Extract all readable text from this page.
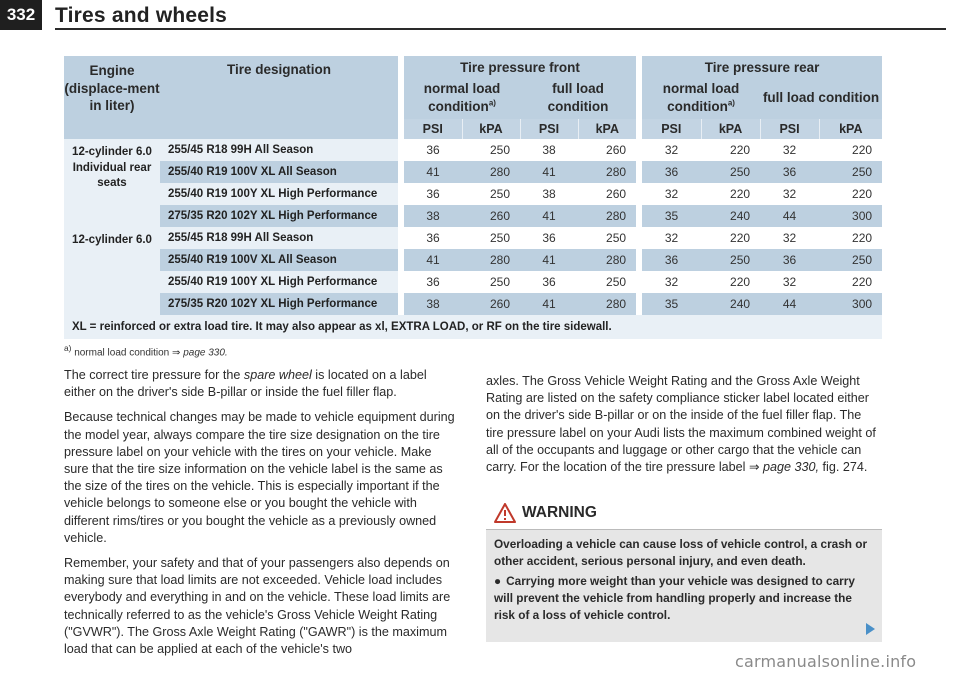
332 Tires and wheels
Engine (displace-ment in liter)	Tire designation		Tire pressure front					Tire pressure rear			
			normal load condition$^{a)}$		full load condition			normal load condition$^{a)}$		full load condition	
			PSI	kPA	PSI	kPA		PSI	kPA	PSI	kPA
12-cylinder 6.0 Individual rear seats	255/45 R18 99H All Season		36	250	38	260		32	220	32	220
	255/40 R19 100V XL All Season		41	280	41	280		36	250	36	250
	255/40 R19 100Y XL High Performance		36	250	38	260		32	220	32	220
	275/35 R20 102Y XL High Performance		38	260	41	280		35	240	44	300
12-cylinder 6.0	255/45 R18 99H All Season		36	250	36	250		32	220	32	220
	255/40 R19 100V XL All Season		41	280	41	280		36	250	36	250
	255/40 R19 100Y XL High Performance		36	250	36	250		32	220	32	220
	275/35 R20 102Y XL High Performance		38	260	41	280		35	240	44	300
XL = reinforced or extra load tire. It may also appear as xl, EXTRA LOAD, or RF on the tire sidewall.											
$^{a)}$ normal load condition ⇒ page 330.

The correct tire pressure for the spare wheel is located on a label either on the driver's side B-pillar or inside the fuel filler flap.

Because technical changes may be made to vehicle equipment during the model year, always compare the tire size designation on the tire pressure label on your vehicle with the tires on your vehicle. Make sure that the tire size information on the vehicle label is the same as the size of the tires on the vehicle. This is especially important if the vehicle belongs to someone else or you bought the vehicle with different rims/tires or you bought the vehicle as a previously owned vehicle.

Remember, your safety and that of your passengers also depends on making sure that load limits are not exceeded. Vehicle load includes everybody and everything in and on the vehicle. These load limits are technically referred to as the vehicle's Gross Vehicle Weight Rating ("GVWR"). The Gross Axle Weight Rating ("GAWR") is the maximum load that can be applied at each of the vehicle's two

axles. The Gross Vehicle Weight Rating and the Gross Axle Weight Rating are listed on the safety compliance sticker label located either on the driver's side B-pillar or on the inside of the fuel filler flap. The tire pressure label on your Audi lists the maximum combined weight of all of the occupants and luggage or other cargo that the vehicle can carry. For the location of the tire pressure label ⇒ page 330, fig. 274.

WARNING

Overloading a vehicle can cause loss of vehicle control, a crash or other accident, serious personal injury, and even death.

● Carrying more weight than your vehicle was designed to carry will prevent the vehicle from handling properly and increase the risk of a loss of vehicle control.

carmanualsonline.info
